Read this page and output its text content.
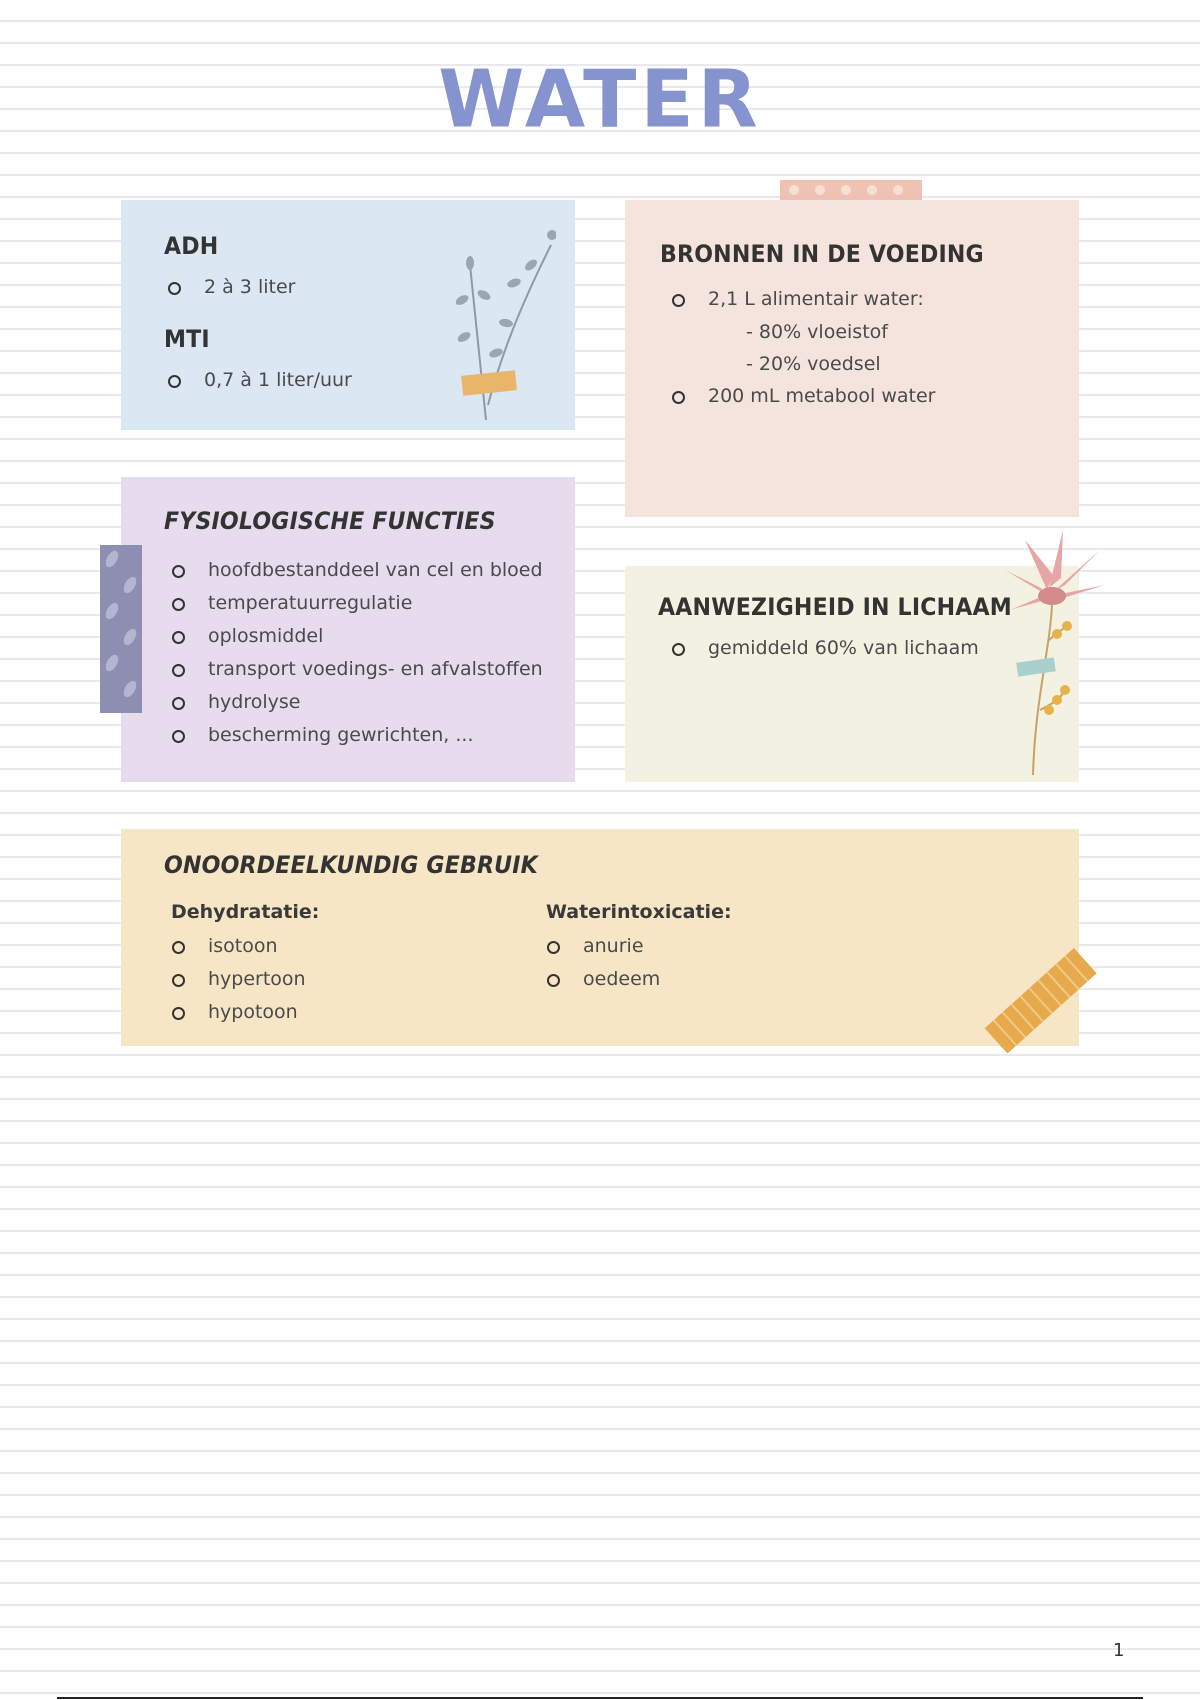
WATER
ADH
2 à 3 liter
MTI
0,7 à 1 liter/uur
BRONNEN IN DE VOEDING
2,1 L alimentair water:
- 80% vloeistof
- 20% voedsel
200 mL metabool water
FYSIOLOGISCHE FUNCTIES
hoofdbestanddeel van cel en bloed
temperatuurregulatie
oplosmiddel
transport voedings- en afvalstoffen
hydrolyse
bescherming gewrichten, ...
AANWEZIGHEID IN LICHAAM
gemiddeld 60% van lichaam
ONOORDEELKUNDIG GEBRUIK
Dehydratatie:
isotoon
hypertoon
hypotoon
Waterintoxicatie:
anurie
oedeem
1
